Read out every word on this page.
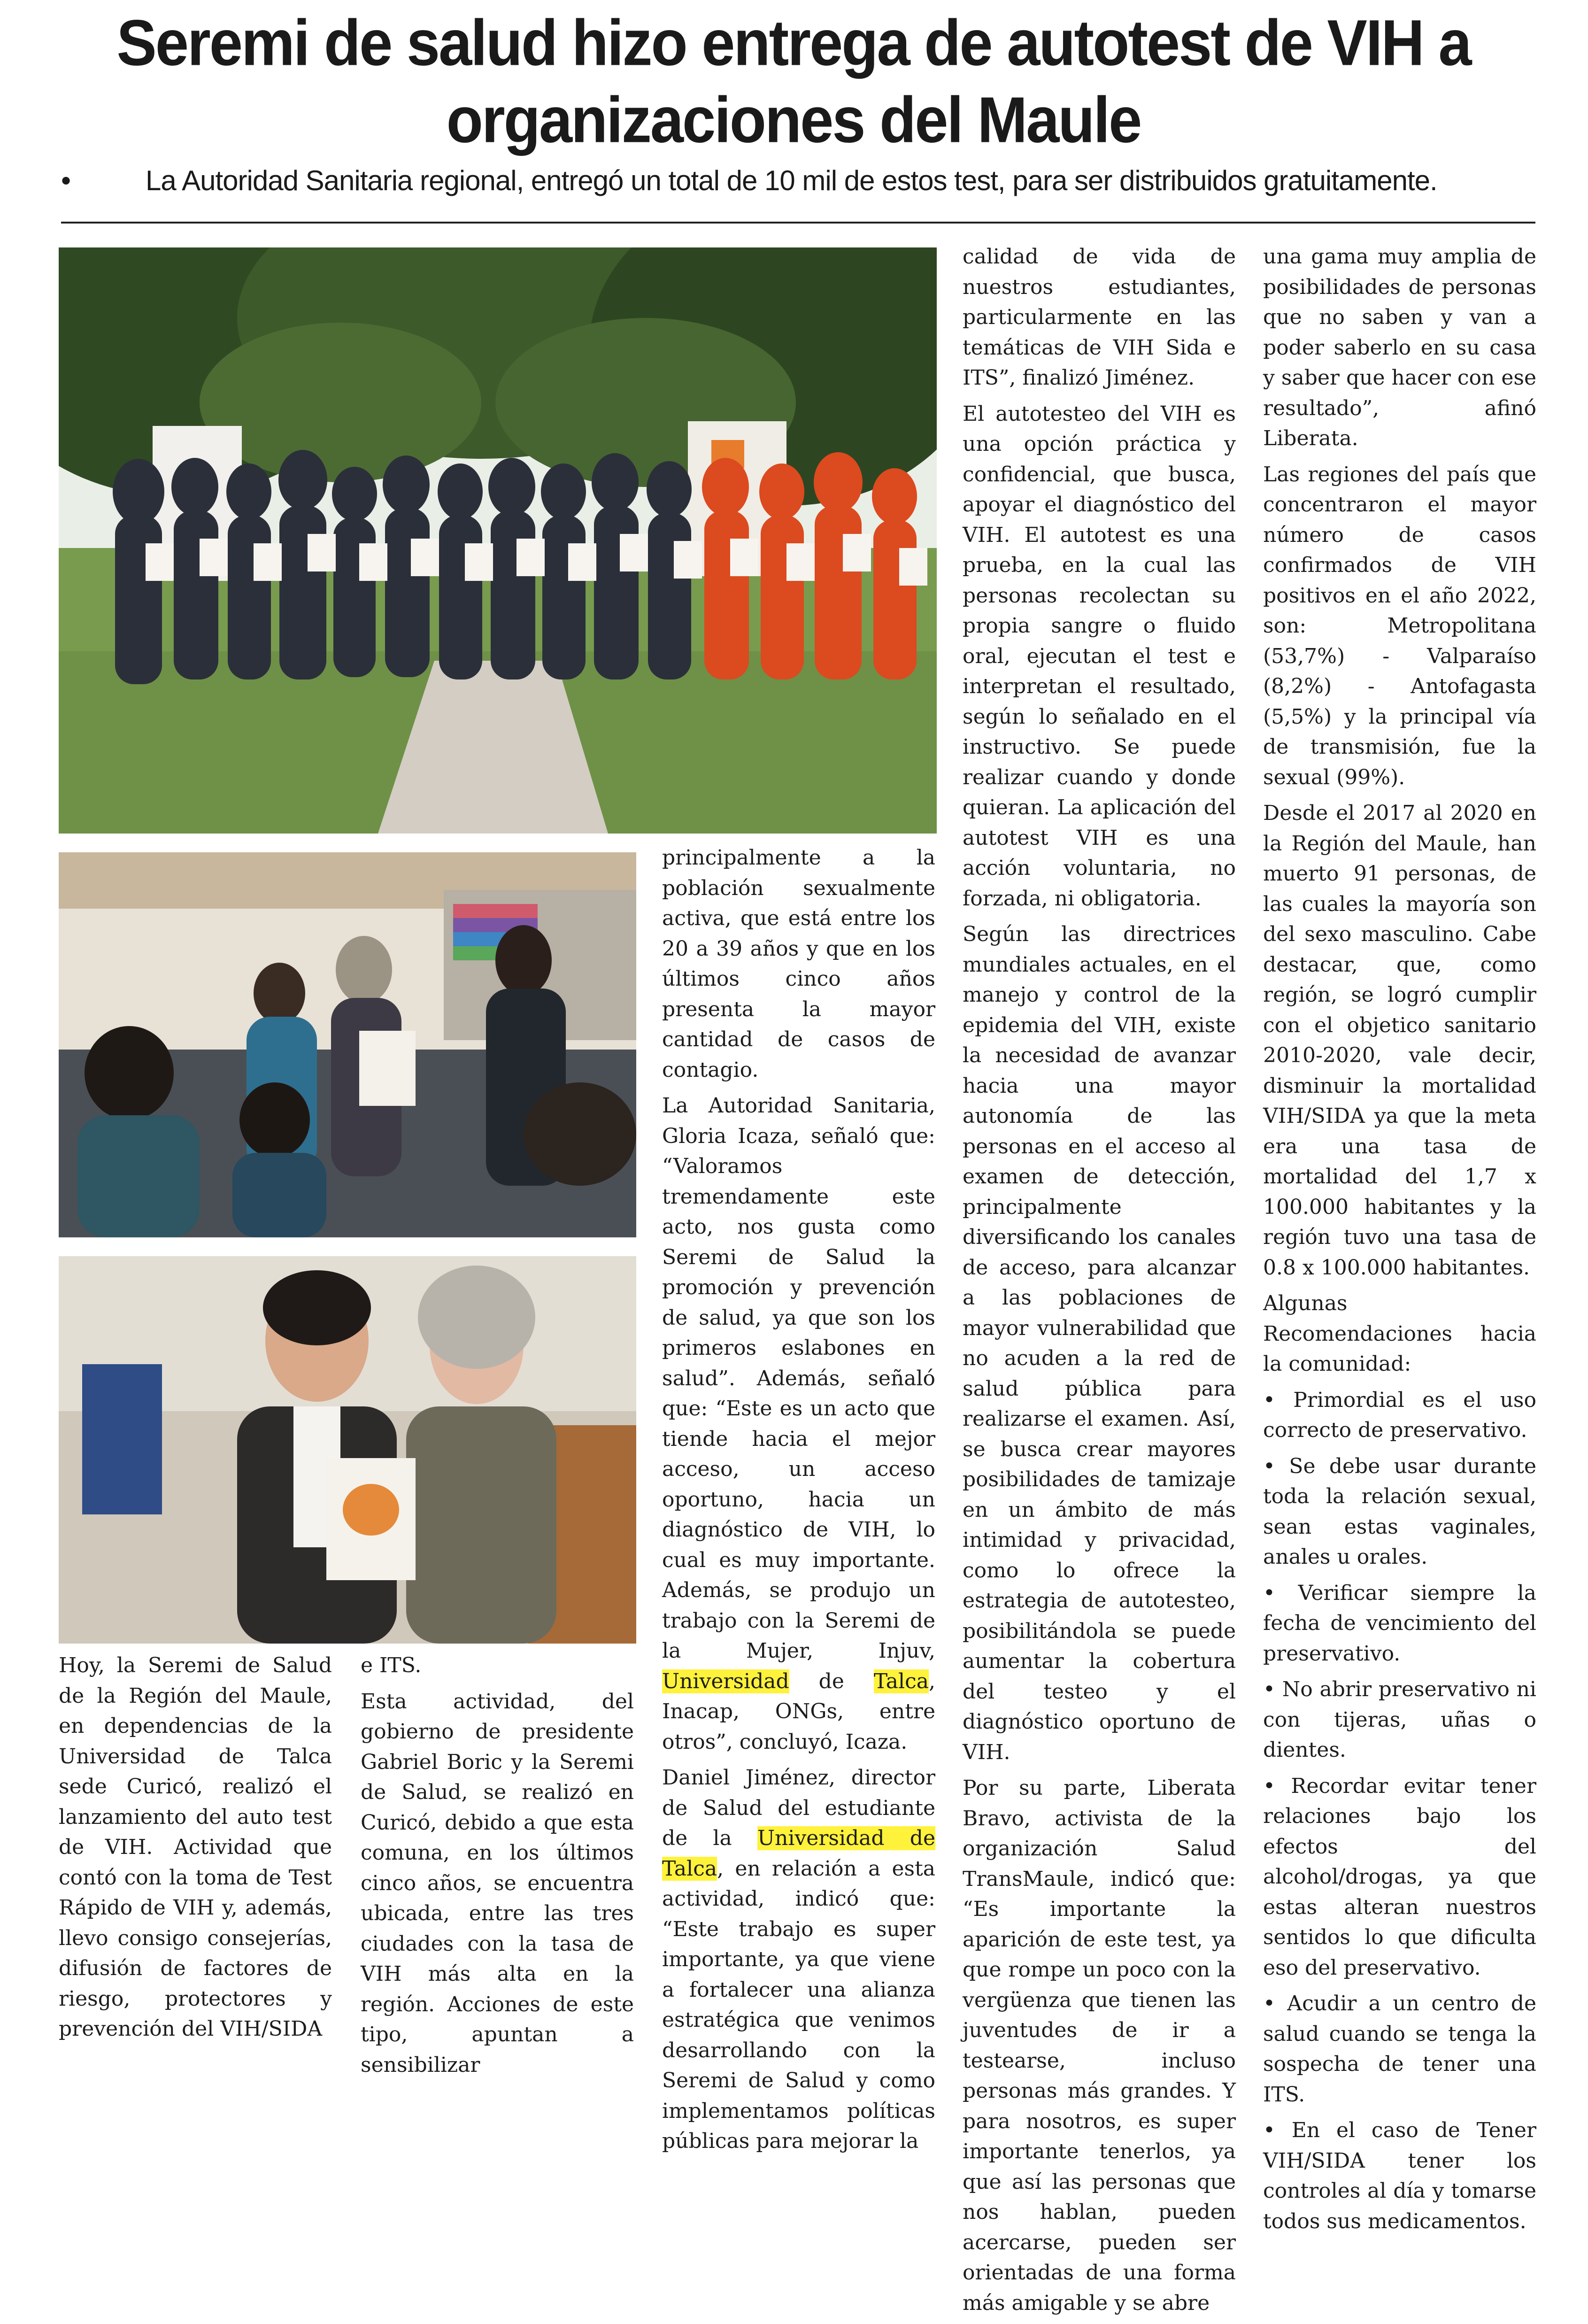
Seremi de salud hizo entrega de autotest de VIH a
organizaciones del Maule
•	La Autoridad Sanitaria regional, entregó un total de 10 mil de estos test, para ser distribuidos gratuitamente.

Hoy, la Seremi de Salud de la Región del Maule, en dependencias de la Universidad de Talca sede Curicó, realizó el lanzamiento del auto test de VIH. Actividad que contó con la toma de Test Rápido de VIH y, además, llevo consigo consejerías, difusión de factores de riesgo, protectores y prevención del VIH/SIDA

e ITS.

Esta actividad, del gobierno de presidente Gabriel Boric y la Seremi de Salud, se realizó en Curicó, debido a que esta comuna, en los últimos cinco años, se encuentra ubicada, entre las tres ciudades con la tasa de VIH más alta en la región. Acciones de este tipo, apuntan a sensibilizar

principalmente a la población sexualmente activa, que está entre los 20 a 39 años y que en los últimos cinco años presenta la mayor cantidad de casos de contagio.

La Autoridad Sanitaria, Gloria Icaza, señaló que: “Valoramos tremendamente este acto, nos gusta como Seremi de Salud la promoción y prevención de salud, ya que son los primeros eslabones en salud”. Además, señaló que: “Este es un acto que tiende hacia el mejor acceso, un acceso oportuno, hacia un diagnóstico de VIH, lo cual es muy importante. Además, se produjo un trabajo con la Seremi de la Mujer, Injuv, Universidad de Talca, Inacap, ONGs, entre otros”, concluyó, Icaza.

Daniel Jiménez, director de Salud del estudiante de la Universidad de Talca, en relación a esta actividad, indicó que: “Este trabajo es super importante, ya que viene a fortalecer una alianza estratégica que venimos desarrollando con la Seremi de Salud y como implementamos políticas públicas para mejorar la

calidad de vida de nuestros estudiantes, particularmente en las temáticas de VIH Sida e ITS”, finalizó Jiménez.

El autotesteo del VIH es una opción práctica y confidencial, que busca, apoyar el diagnóstico del VIH. El autotest es una prueba, en la cual las personas recolectan su propia sangre o fluido oral, ejecutan el test e interpretan el resultado, según lo señalado en el instructivo. Se puede realizar cuando y donde quieran. La aplicación del autotest VIH es una acción voluntaria, no forzada, ni obligatoria.

Según las directrices mundiales actuales, en el manejo y control de la epidemia del VIH, existe la necesidad de avanzar hacia una mayor autonomía de las personas en el acceso al examen de detección, principalmente diversificando los canales de acceso, para alcanzar a las poblaciones de mayor vulnerabilidad que no acuden a la red de salud pública para realizarse el examen. Así, se busca crear mayores posibilidades de tamizaje en un ámbito de más intimidad y privacidad, como lo ofrece la estrategia de autotesteo, posibilitándola se puede aumentar la cobertura del testeo y el diagnóstico oportuno de VIH.

Por su parte, Liberata Bravo, activista de la organización Salud TransMaule, indicó que: “Es importante la aparición de este test, ya que rompe un poco con la vergüenza que tienen las juventudes de ir a testearse, incluso personas más grandes. Y para nosotros, es super importante tenerlos, ya que así las personas que nos hablan, pueden acercarse, pueden ser orientadas de una forma más amigable y se abre

una gama muy amplia de posibilidades de personas que no saben y van a poder saberlo en su casa y saber que hacer con ese resultado”, afinó Liberata.

Las regiones del país que concentraron el mayor número de casos confirmados de VIH positivos en el año 2022, son: Metropolitana (53,7%) - Valparaíso (8,2%) - Antofagasta (5,5%) y la principal vía de transmisión, fue la sexual (99%).

Desde el 2017 al 2020 en la Región del Maule, han muerto 91 personas, de las cuales la mayoría son del sexo masculino. Cabe destacar, que, como región, se logró cumplir con el objetico sanitario 2010-2020, vale decir, disminuir la mortalidad VIH/SIDA ya que la meta era una tasa de mortalidad del 1,7 x 100.000 habitantes y la región tuvo una tasa de 0.8 x 100.000 habitantes.

Algunas Recomendaciones hacia la comunidad:

• Primordial es el uso correcto de preservativo.

• Se debe usar durante toda la relación sexual, sean estas vaginales, anales u orales.

• Verificar siempre la fecha de vencimiento del preservativo.

• No abrir preservativo ni con tijeras, uñas o dientes.

• Recordar evitar tener relaciones bajo los efectos del alcohol/drogas, ya que estas alteran nuestros sentidos lo que dificulta eso del preservativo.

• Acudir a un centro de salud cuando se tenga la sospecha de tener una ITS.

• En el caso de Tener VIH/SIDA tener los controles al día y tomarse todos sus medicamentos.
